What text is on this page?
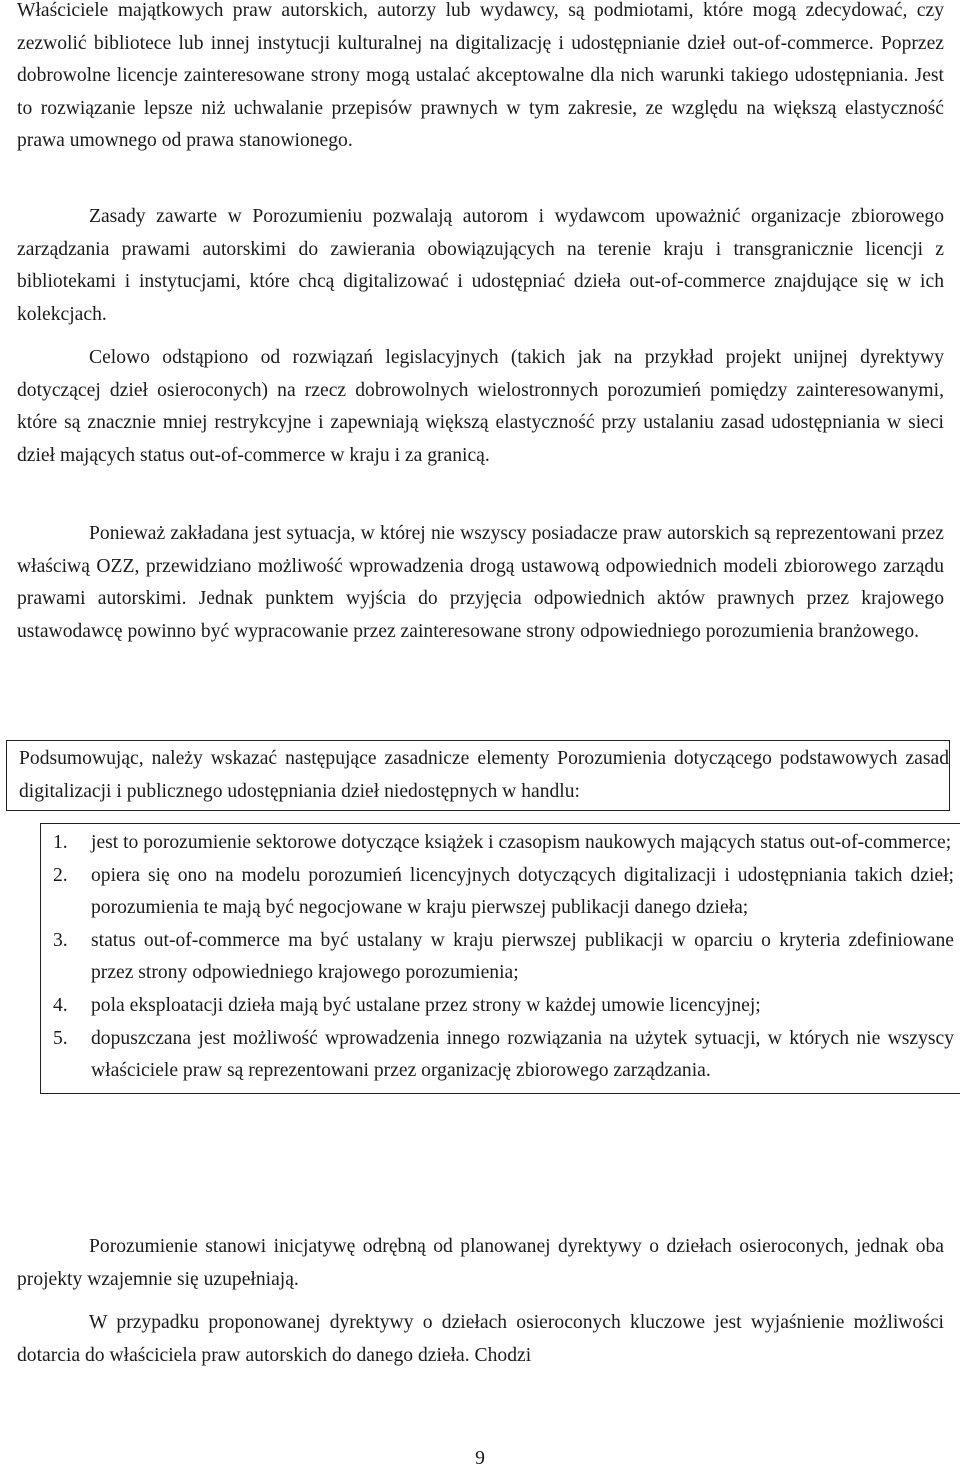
Właściciele majątkowych praw autorskich, autorzy lub wydawcy, są podmiotami, które mogą zdecydować, czy zezwolić bibliotece lub innej instytucji kulturalnej na digitalizację i udostępnianie dzieł out-of-commerce. Poprzez dobrowolne licencje zainteresowane strony mogą ustalać akceptowalne dla nich warunki takiego udostępniania. Jest to rozwiązanie lepsze niż uchwalanie przepisów prawnych w tym zakresie, ze względu na większą elastyczność prawa umownego od prawa stanowionego.

Zasady zawarte w Porozumieniu pozwalają autorom i wydawcom upoważnić organizacje zbiorowego zarządzania prawami autorskimi do zawierania obowiązujących na terenie kraju i transgranicznie licencji z bibliotekami i instytucjami, które chcą digitalizować i udostępniać dzieła out-of-commerce znajdujące się w ich kolekcjach.

Celowo odstąpiono od rozwiązań legislacyjnych (takich jak na przykład projekt unijnej dyrektywy dotyczącej dzieł osieroconych) na rzecz dobrowolnych wielostronnych porozumień pomiędzy zainteresowanymi, które są znacznie mniej restrykcyjne i zapewniają większą elastyczność przy ustalaniu zasad udostępniania w sieci dzieł mających status out-of-commerce w kraju i za granicą.

Ponieważ zakładana jest sytuacja, w której nie wszyscy posiadacze praw autorskich są reprezentowani przez właściwą OZZ, przewidziano możliwość wprowadzenia drogą ustawową odpowiednich modeli zbiorowego zarządu prawami autorskimi. Jednak punktem wyjścia do przyjęcia odpowiednich aktów prawnych przez krajowego ustawodawcę powinno być wypracowanie przez zainteresowane strony odpowiedniego porozumienia branżowego.

Podsumowując, należy wskazać następujące zasadnicze elementy Porozumienia dotyczącego podstawowych zasad digitalizacji i publicznego udostępniania dzieł niedostępnych w handlu:

1. jest to porozumienie sektorowe dotyczące książek i czasopism naukowych mających status out-of-commerce;
2. opiera się ono na modelu porozumień licencyjnych dotyczących digitalizacji i udostępniania takich dzieł; porozumienia te mają być negocjowane w kraju pierwszej publikacji danego dzieła;
3. status out-of-commerce ma być ustalany w kraju pierwszej publikacji w oparciu o kryteria zdefiniowane przez strony odpowiedniego krajowego porozumienia;
4. pola eksploatacji dzieła mają być ustalane przez strony w każdej umowie licencyjnej;
5. dopuszczana jest możliwość wprowadzenia innego rozwiązania na użytek sytuacji, w których nie wszyscy właściciele praw są reprezentowani przez organizację zbiorowego zarządzania.

Porozumienie stanowi inicjatywę odrębną od planowanej dyrektywy o dziełach osieroconych, jednak oba projekty wzajemnie się uzupełniają.

W przypadku proponowanej dyrektywy o dziełach osieroconych kluczowe jest wyjaśnienie możliwości dotarcia do właściciela praw autorskich do danego dzieła. Chodzi

9
